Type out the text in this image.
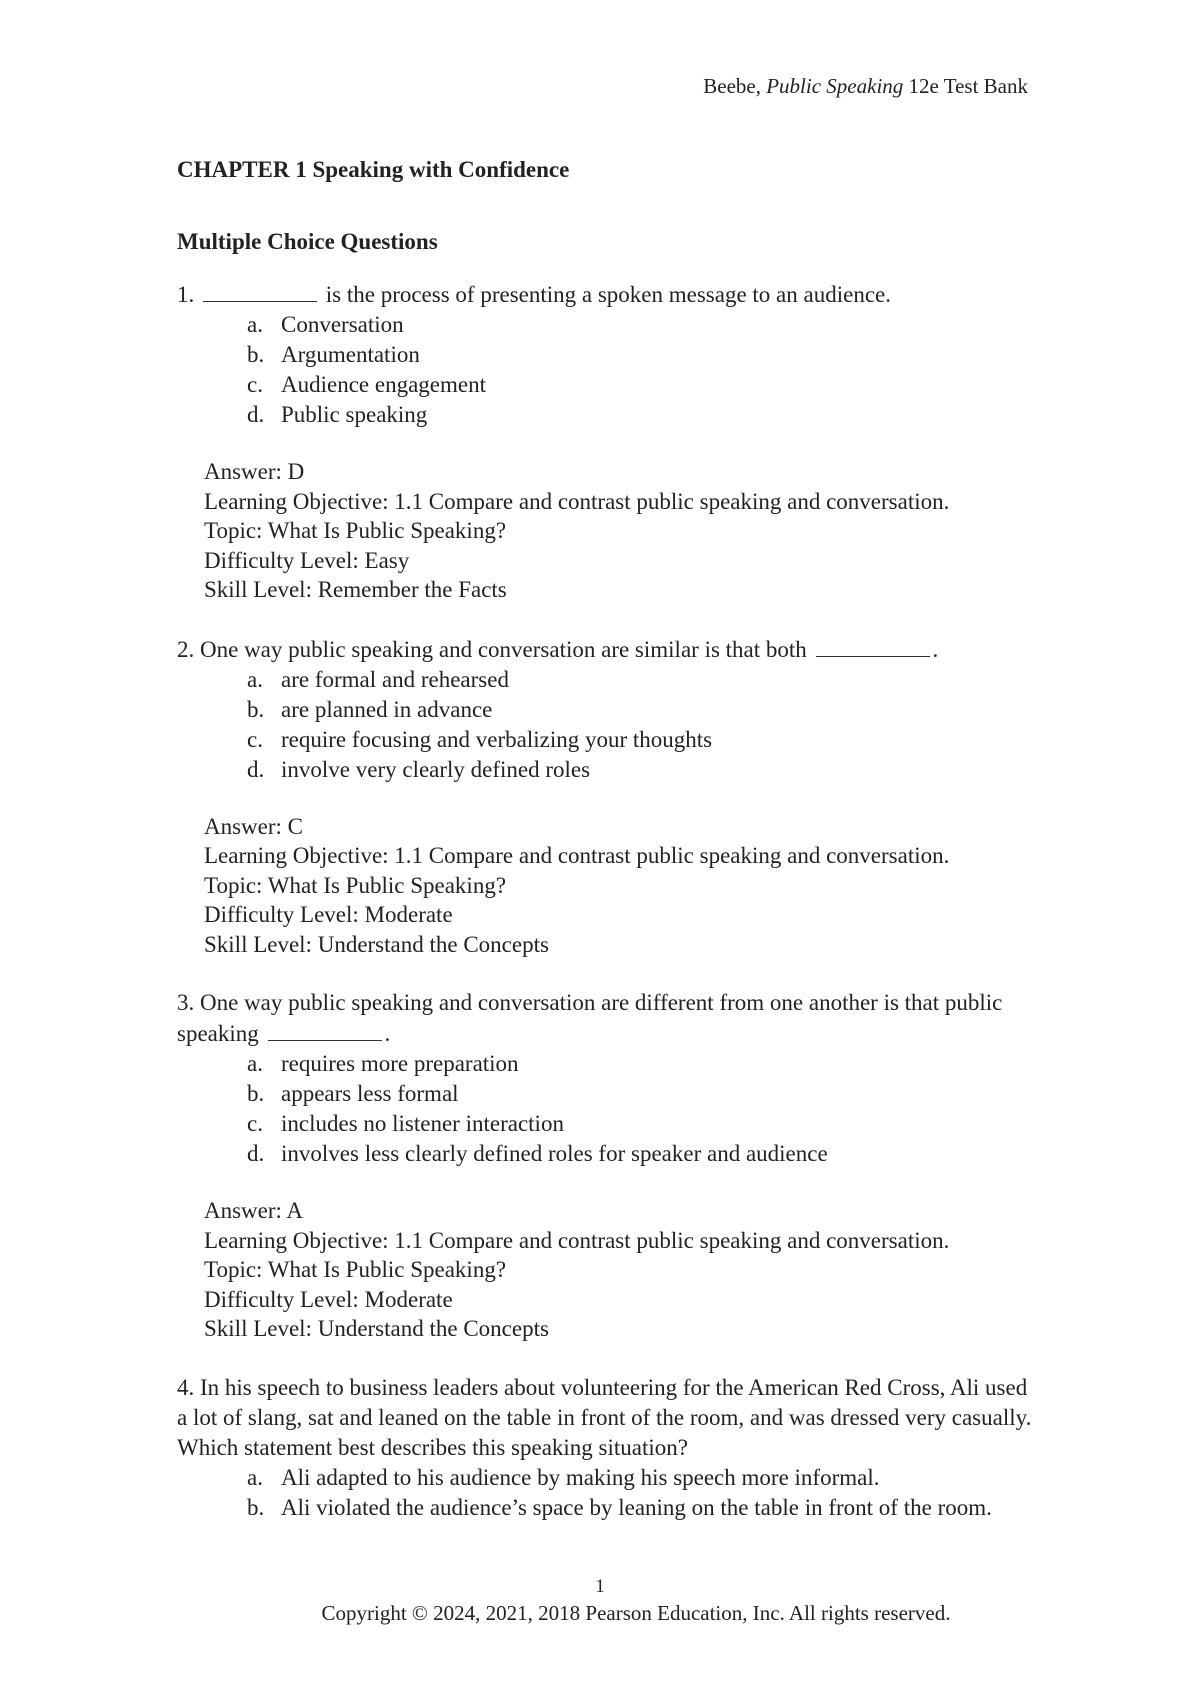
Beebe, Public Speaking 12e Test Bank
CHAPTER 1 Speaking with Confidence
Multiple Choice Questions

1.	is the process of presenting a spoken message to an audience.

a. Conversation
b. Argumentation
c. Audience engagement
d. Public speaking
Answer: D
Learning Objective: 1.1 Compare and contrast public speaking and conversation.
Topic: What Is Public Speaking?
Difficulty Level: Easy
Skill Level: Remember the Facts

2. One way public speaking and conversation are similar is that both	.

a. are formal and rehearsed
b. are planned in advance
c. require focusing and verbalizing your thoughts
d. involve very clearly defined roles
Answer: C
Learning Objective: 1.1 Compare and contrast public speaking and conversation.
Topic: What Is Public Speaking?
Difficulty Level: Moderate
Skill Level: Understand the Concepts

3. One way public speaking and conversation are different from one another is that public speaking	.

a. requires more preparation
b. appears less formal
c. includes no listener interaction
d. involves less clearly defined roles for speaker and audience
Answer: A
Learning Objective: 1.1 Compare and contrast public speaking and conversation.
Topic: What Is Public Speaking?
Difficulty Level: Moderate
Skill Level: Understand the Concepts

4. In his speech to business leaders about volunteering for the American Red Cross, Ali used a lot of slang, sat and leaned on the table in front of the room, and was dressed very casually. Which statement best describes this speaking situation?

a. Ali adapted to his audience by making his speech more informal.
b. Ali violated the audience’s space by leaning on the table in front of the room.
1
Copyright © 2024, 2021, 2018 Pearson Education, Inc. All rights reserved.
